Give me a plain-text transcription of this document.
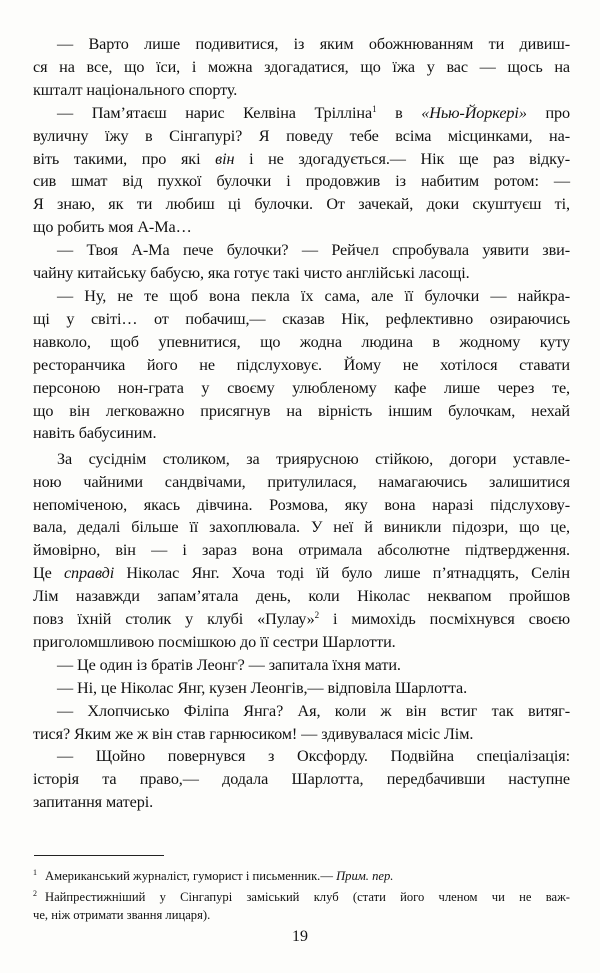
— Варто лише подивитися, із яким обожнюванням ти дивиш-
ся на все, що їси, і можна здогадатися, що їжа у вас — щось на
кшталт національного спорту.
— Пам’ятаєш нарис Келвіна Трілліна$^1$ в «Нью-Йоркері» про
вуличну їжу в Сінгапурі? Я поведу тебе всіма місцинками, на-
віть такими, про які він і не здогадується.— Нік ще раз відку-
сив шмат від пухкої булочки і продовжив із набитим ротом: —
Я знаю, як ти любиш ці булочки. От зачекай, доки скуштуєш ті,
що робить моя А-Ма…
— Твоя А-Ма пече булочки? — Рейчел спробувала уявити зви-
чайну китайську бабусю, яка готує такі чисто англійські ласощі.
— Ну, не те щоб вона пекла їх сама, але її булочки — найкра-
щі у світі… от побачиш,— сказав Нік, рефлективно озираючись
навколо, щоб упевнитися, що жодна людина в жодному куту
ресторанчика його не підслуховує. Йому не хотілося ставати
персоною нон-грата у своєму улюбленому кафе лише через те,
що він легковажно присягнув на вірність іншим булочкам, нехай
навіть бабусиним.
За сусіднім столиком, за триярусною стійкою, догори уставле-
ною чайними сандвічами, притулилася, намагаючись залишитися
непоміченою, якась дівчина. Розмова, яку вона наразі підслухову-
вала, дедалі більше її захоплювала. У неї й виникли підозри, що це,
ймовірно, він — і зараз вона отримала абсолютне підтвердження.
Це справді Ніколас Янг. Хоча тоді їй було лише п’ятнадцять, Селін
Лім назавжди запам’ятала день, коли Ніколас неквапом пройшов
повз їхній столик у клубі «Пулау»$^2$ і мимохідь посміхнувся своєю
приголомшливою посмішкою до її сестри Шарлотти.
— Це один із братів Леонг? — запитала їхня мати.
— Ні, це Ніколас Янг, кузен Леонгів,— відповіла Шарлотта.
— Хлопчисько Філіпа Янга? Ая, коли ж він встиг так витяг-
тися? Яким же ж він став гарнюсиком! — здивувалася місіс Лім.
— Щойно повернувся з Оксфорду. Подвійна спеціалізація:
історія та право,— додала Шарлотта, передбачивши наступне
запитання матері.
$^1$ Американський журналіст, гуморист і письменник.— Прим. пер.
$^2$ Найпрестижніший у Сінгапурі заміський клуб (стати його членом чи не важ-
че, ніж отримати звання лицаря).
19
